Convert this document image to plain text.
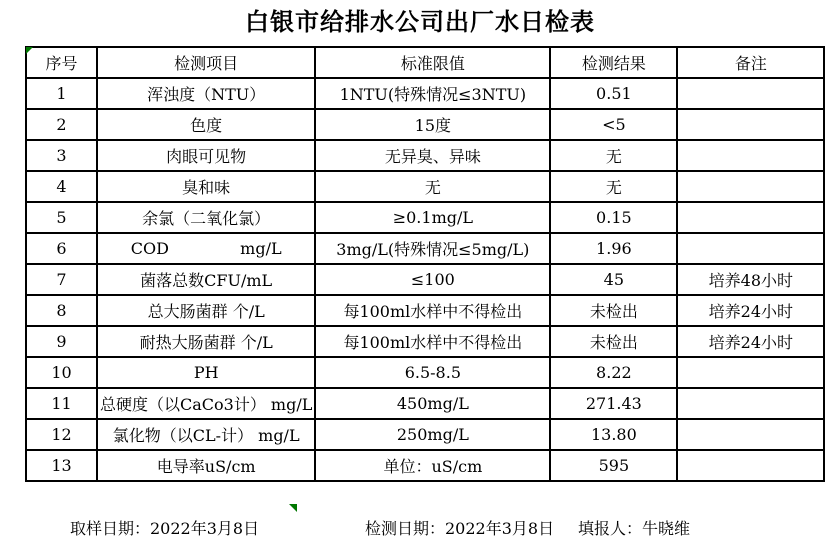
白银市给排水公司出厂水日检表
序号	检测项目	标准限值	检测结果	备注
1	浑浊度（NTU）	1NTU(特殊情况≤3NTU)	0.51	
2	色度	15度	<5	
3	肉眼可见物	无异臭、异味	无	
4	臭和味	无	无	
5	余氯（二氧化氯）	≥0.1mg/L	0.15	
6	COD              mg/L	3mg/L(特殊情况≤5mg/L)	1.96	
7	菌落总数CFU/mL	≤100	45	培养48小时
8	总大肠菌群 个/L	每100ml水样中不得检出	未检出	培养24小时
9	耐热大肠菌群 个/L	每100ml水样中不得检出	未检出	培养24小时
10	PH	6.5-8.5	8.22	
11	总硬度（以CaCo3计） mg/L	450mg/L	271.43	
12	氯化物（以CL-计） mg/L	250mg/L	13.80	
13	电导率uS/cm	单位：uS/cm	595	
取样日期：2022年3月8日	检测日期：2022年3月8日 填报人：牛晓维
